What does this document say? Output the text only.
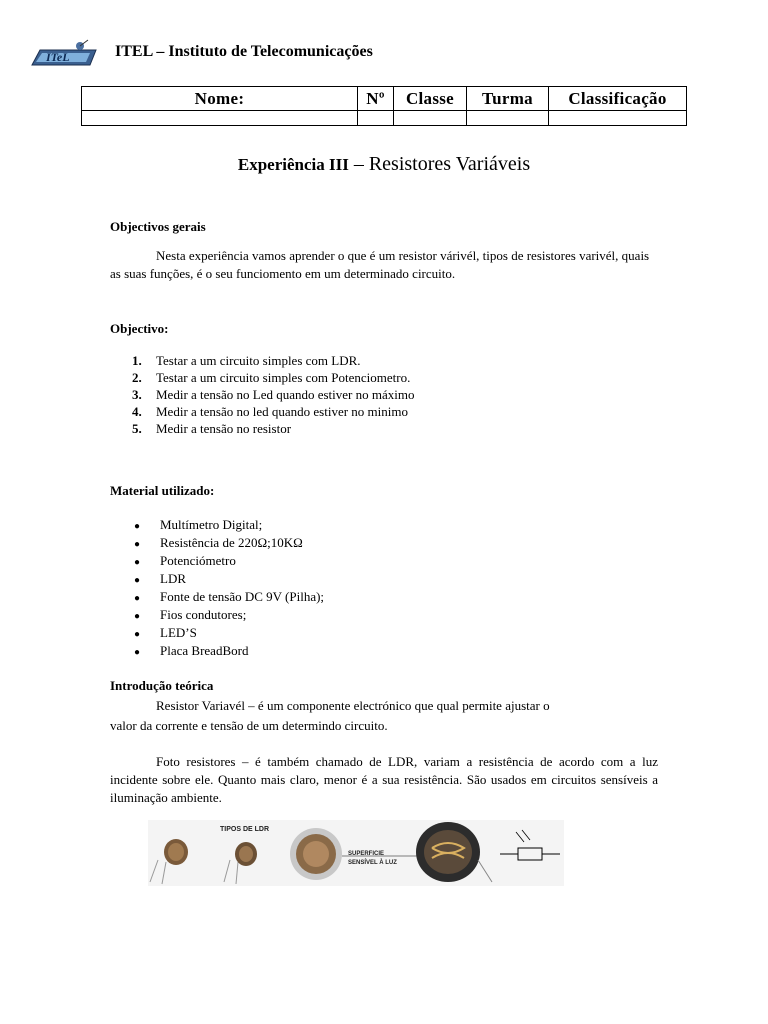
ITeL	ITEL – Instituto de Telecomunicações
Nome:	Nº	Classe	Turma	Classificação

Experiência III – Resistores Variáveis
Objectivos gerais
Nesta experiência vamos aprender o que é um resistor várivél, tipos de resistores varivél, quais as suas funções, é o seu funciomento em um determinado circuito.
Objectivo:
1. Testar a um circuito simples com LDR.
2. Testar a um circuito simples com Potenciometro.
3. Medir a tensão no Led quando estiver no máximo
4. Medir a tensão no led quando estiver no minimo
5. Medir a tensão no resistor
Material utilizado:
● Multímetro Digital;
● Resistência de 220Ω;10KΩ
● Potenciómetro
● LDR
● Fonte de tensão DC 9V (Pilha);
● Fios condutores;
● LED’S
● Placa BreadBord
Introdução teórica
Resistor Variavél – é um componente electrónico que qual permite ajustar o
valor da corrente e tensão de um determindo circuito.
Foto resistores – é também chamado de LDR, variam a resistência de acordo com a luz incidente sobre ele. Quanto mais claro, menor é a sua resistência. São usados em circuitos sensíveis a iluminação ambiente.
TIPOS DE LDR
SUPERFICIE
SENSÍVEL À LUZ
